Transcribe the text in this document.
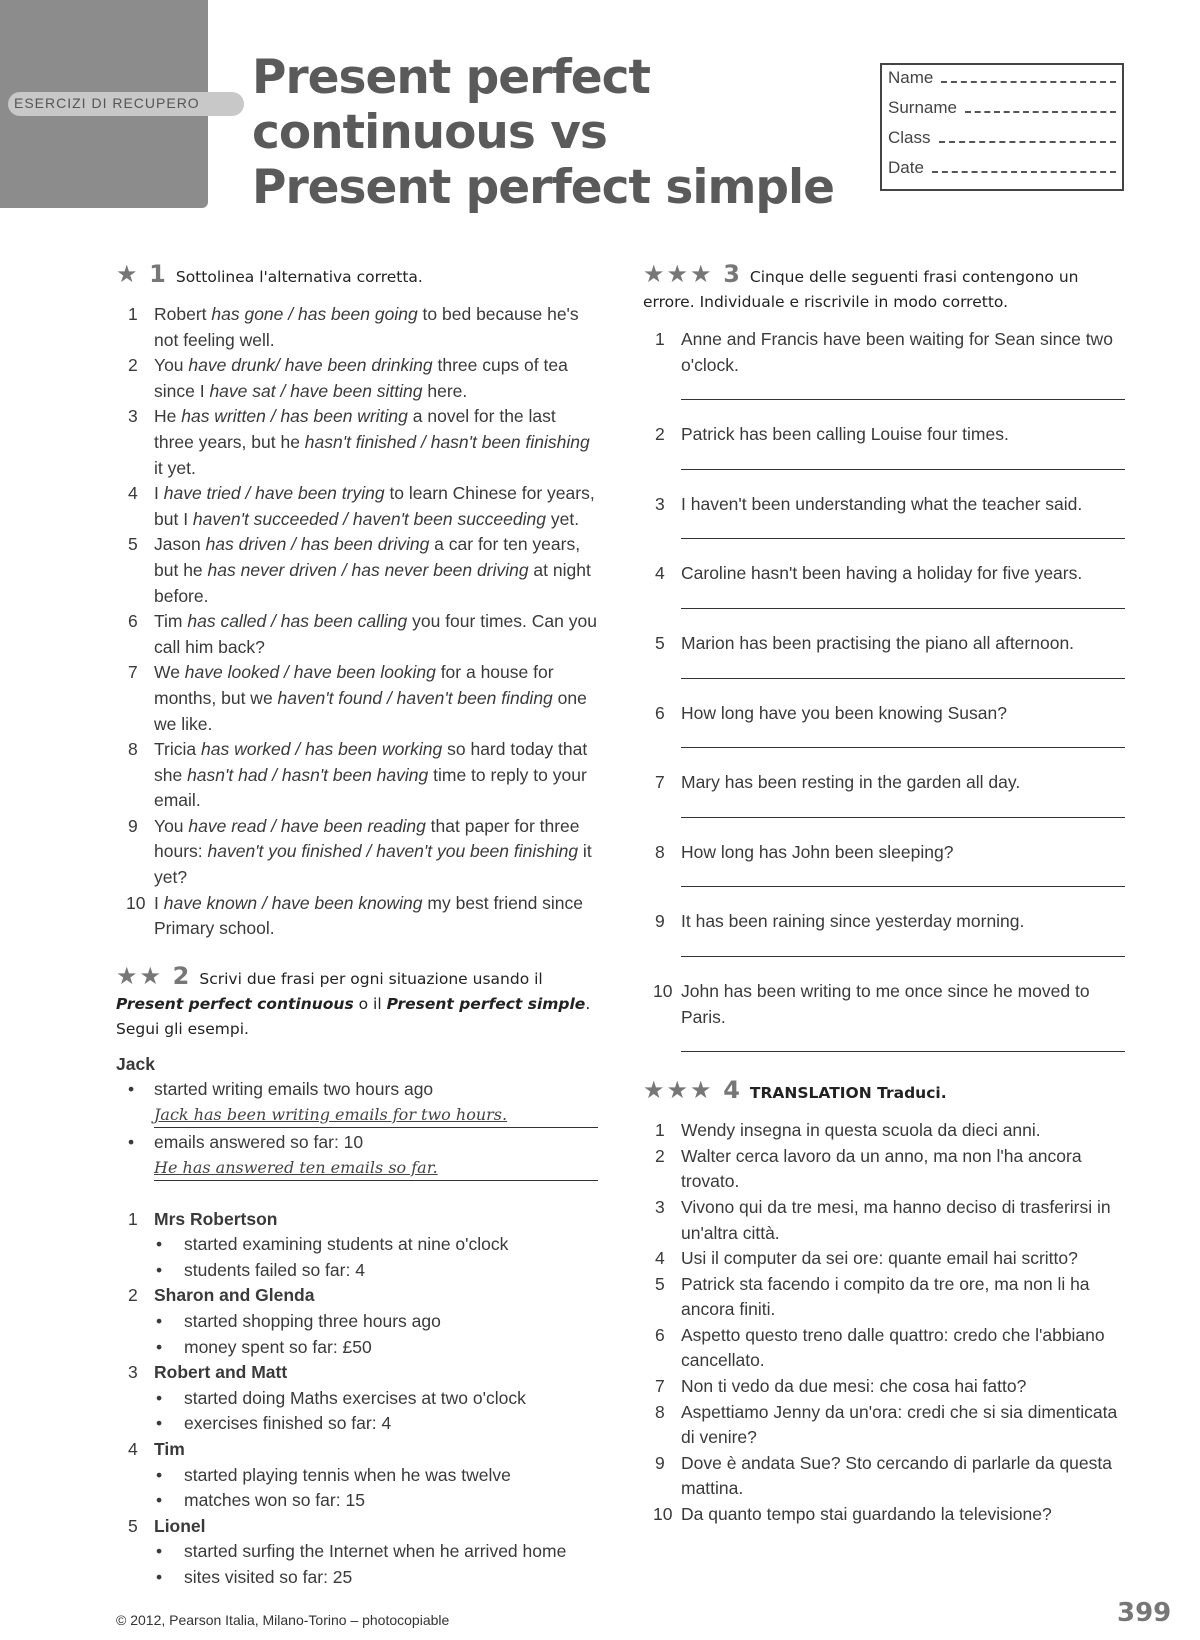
ESERCIZI DI RECUPERO Present perfect
continuous vs
Present perfect simple
Name
Surname
Class
Date
★ 1 Sottolinea l'alternativa corretta.
1 Robert has gone / has been going to bed because he's not feeling well.
2 You have drunk/ have been drinking three cups of tea since I have sat / have been sitting here.
3 He has written / has been writing a novel for the last three years, but he hasn't finished / hasn't been finishing it yet.
4 I have tried / have been trying to learn Chinese for years, but I haven't succeeded / haven't been succeeding yet.
5 Jason has driven / has been driving a car for ten years, but he has never driven / has never been driving at night before.
6 Tim has called / has been calling you four times. Can you call him back?
7 We have looked / have been looking for a house for months, but we haven't found / haven't been finding one we like.
8 Tricia has worked / has been working so hard today that she hasn't had / hasn't been having time to reply to your email.
9 You have read / have been reading that paper for three hours: haven't you finished / haven't you been finishing it yet?
10 I have known / have been knowing my best friend since Primary school.
★★ 2 Scrivi due frasi per ogni situazione usando il Present perfect continuous o il Present perfect simple. Segui gli esempi.
Jack
•	started writing emails two hours ago
Jack has been writing emails for two hours.
•	emails answered so far: 10
He has answered ten emails so far.
1 Mrs Robertson
•	started examining students at nine o'clock
•	students failed so far: 4
2 Sharon and Glenda
•	started shopping three hours ago
•	money spent so far: £50
3 Robert and Matt
•	started doing Maths exercises at two o'clock
•	exercises finished so far: 4
4 Tim
•	started playing tennis when he was twelve
•	matches won so far: 15
5 Lionel
•	started surfing the Internet when he arrived home
•	sites visited so far: 25
★★★ 3 Cinque delle seguenti frasi contengono un errore. Individuale e riscrivile in modo corretto.
1 Anne and Francis have been waiting for Sean since two o'clock.
2 Patrick has been calling Louise four times.
3 I haven't been understanding what the teacher said.
4 Caroline hasn't been having a holiday for five years.
5 Marion has been practising the piano all afternoon.
6 How long have you been knowing Susan?
7 Mary has been resting in the garden all day.
8 How long has John been sleeping?
9 It has been raining since yesterday morning.
10 John has been writing to me once since he moved to Paris.
★★★ 4 TRANSLATION Traduci.
1 Wendy insegna in questa scuola da dieci anni.
2 Walter cerca lavoro da un anno, ma non l'ha ancora trovato.
3 Vivono qui da tre mesi, ma hanno deciso di trasferirsi in un'altra città.
4 Usi il computer da sei ore: quante email hai scritto?
5 Patrick sta facendo i compito da tre ore, ma non li ha ancora finiti.
6 Aspetto questo treno dalle quattro: credo che l'abbiano cancellato.
7 Non ti vedo da due mesi: che cosa hai fatto?
8 Aspettiamo Jenny da un'ora: credi che si sia dimenticata di venire?
9 Dove è andata Sue? Sto cercando di parlarle da questa mattina.
10 Da quanto tempo stai guardando la televisione?
© 2012, Pearson Italia, Milano-Torino – photocopiable	399
